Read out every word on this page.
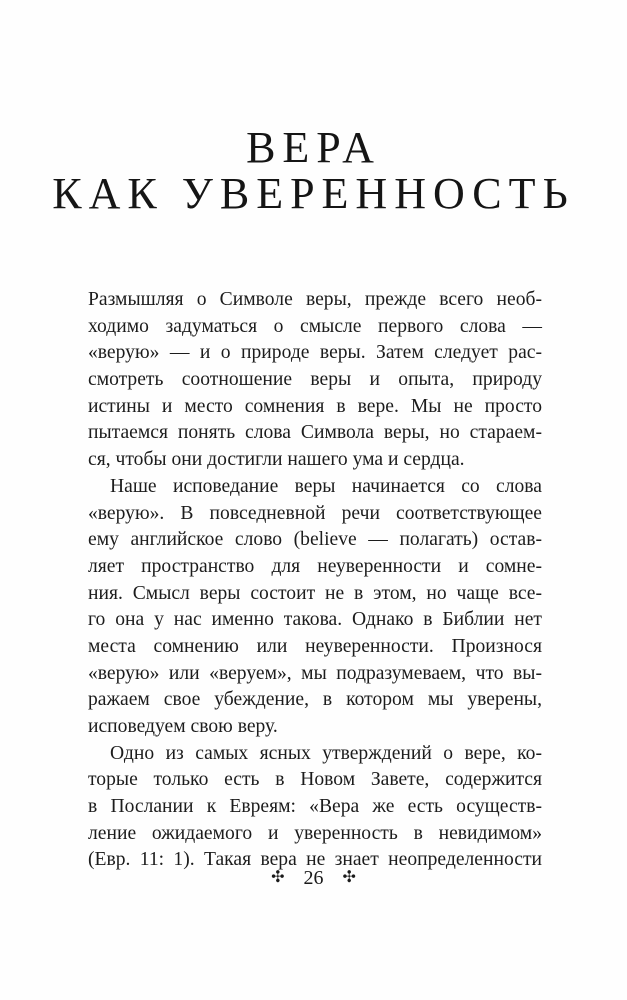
ВЕРА
КАК УВЕРЕННОСТЬ
Размышляя о Символе веры, прежде всего необ-
ходимо задуматься о смысле первого слова —
«верую» — и о природе веры. Затем следует рас-
смотреть соотношение веры и опыта, природу
истины и место сомнения в вере. Мы не просто
пытаемся понять слова Символа веры, но стараем-
ся, чтобы они достигли нашего ума и сердца.
Наше исповедание веры начинается со слова
«верую». В повседневной речи соответствующее
ему английское слово (believe — полагать) остав-
ляет пространство для неуверенности и сомне-
ния. Смысл веры состоит не в этом, но чаще все-
го она у нас именно такова. Однако в Библии нет
места сомнению или неуверенности. Произнося
«верую» или «веруем», мы подразумеваем, что вы-
ражаем свое убеждение, в котором мы уверены,
исповедуем свою веру.
Одно из самых ясных утверждений о вере, ко-
торые только есть в Новом Завете, содержится
в Послании к Евреям: «Вера же есть осуществ-
ление ожидаемого и уверенность в невидимом»
(Евр. 11: 1). Такая вера не знает неопределенности
✣ 26 ✣
